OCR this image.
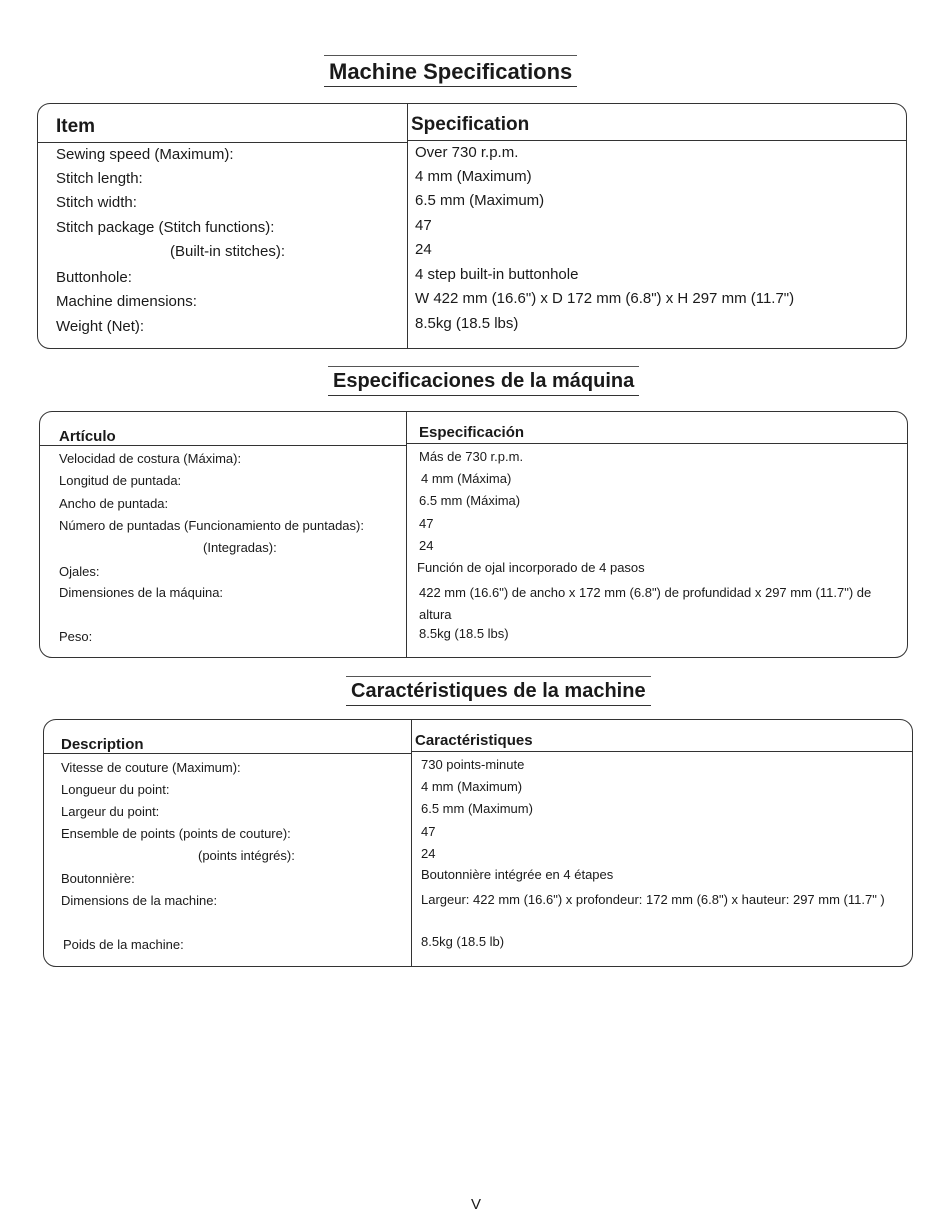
Machine Specifications
Item	Specification
Sewing speed (Maximum):	Over 730 r.p.m.
Stitch length:	4 mm (Maximum)
Stitch width:	6.5 mm (Maximum)
Stitch package (Stitch functions):	47
(Built-in stitches):	24
Buttonhole:	4 step built-in buttonhole
Machine dimensions:	W 422 mm (16.6") x D 172 mm (6.8") x H 297 mm (11.7")
Weight (Net):	8.5kg (18.5 lbs)
Especificaciones de la máquina
Artículo	Especificación
Velocidad de costura (Máxima):	Más de 730 r.p.m.
Longitud de puntada:	4 mm (Máxima)
Ancho de puntada:	6.5 mm (Máxima)
Número de puntadas (Funcionamiento de puntadas):	47
(Integradas):	24
Ojales:	Función de ojal incorporado de 4 pasos
Dimensiones de la máquina:	422 mm (16.6") de ancho x 172 mm (6.8") de profundidad x 297 mm (11.7") de altura
Peso:	8.5kg (18.5 lbs)
Caractéristiques de la machine
Description	Caractéristiques
Vitesse de couture (Maximum):	730 points-minute
Longueur du point:	4 mm (Maximum)
Largeur du point:	6.5 mm (Maximum)
Ensemble de points (points de couture):	47
(points intégrés):	24
Boutonnière:	Boutonnière intégrée en 4 étapes
Dimensions de la machine:	Largeur: 422 mm (16.6") x profondeur: 172 mm (6.8") x hauteur: 297 mm (11.7" )
Poids de la machine:	8.5kg (18.5 lb)
V
